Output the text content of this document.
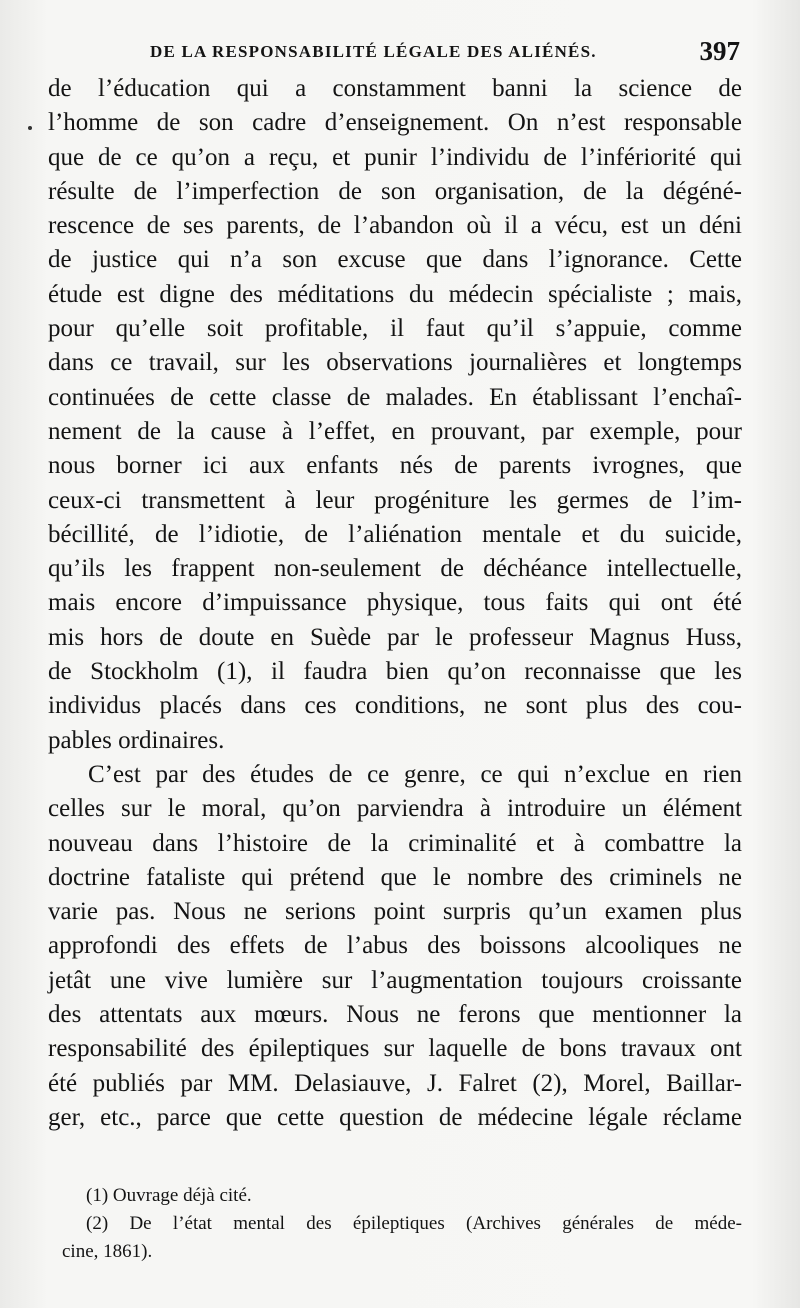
DE LA RESPONSABILITÉ LÉGALE DES ALIÉNÉS.	397
de l’éducation qui a constamment banni la science de
l’homme de son cadre d’enseignement. On n’est responsable
que de ce qu’on a reçu, et punir l’individu de l’infériorité qui
résulte de l’imperfection de son organisation, de la dégéné-
rescence de ses parents, de l’abandon où il a vécu, est un déni
de justice qui n’a son excuse que dans l’ignorance. Cette
étude est digne des méditations du médecin spécialiste ; mais,
pour qu’elle soit profitable, il faut qu’il s’appuie, comme
dans ce travail, sur les observations journalières et longtemps
continuées de cette classe de malades. En établissant l’enchaî-
nement de la cause à l’effet, en prouvant, par exemple, pour
nous borner ici aux enfants nés de parents ivrognes, que
ceux-ci transmettent à leur progéniture les germes de l’im-
bécillité, de l’idiotie, de l’aliénation mentale et du suicide,
qu’ils les frappent non-seulement de déchéance intellectuelle,
mais encore d’impuissance physique, tous faits qui ont été
mis hors de doute en Suède par le professeur Magnus Huss,
de Stockholm (1), il faudra bien qu’on reconnaisse que les
individus placés dans ces conditions, ne sont plus des cou-
pables ordinaires.
C’est par des études de ce genre, ce qui n’exclue en rien
celles sur le moral, qu’on parviendra à introduire un élément
nouveau dans l’histoire de la criminalité et à combattre la
doctrine fataliste qui prétend que le nombre des criminels ne
varie pas. Nous ne serions point surpris qu’un examen plus
approfondi des effets de l’abus des boissons alcooliques ne
jetât une vive lumière sur l’augmentation toujours croissante
des attentats aux mœurs. Nous ne ferons que mentionner la
responsabilité des épileptiques sur laquelle de bons travaux ont
été publiés par MM. Delasiauve, J. Falret (2), Morel, Baillar-
ger, etc., parce que cette question de médecine légale réclame
(1) Ouvrage déjà cité.
(2) De l’état mental des épileptiques (Archives générales de méde-
cine, 1861).
